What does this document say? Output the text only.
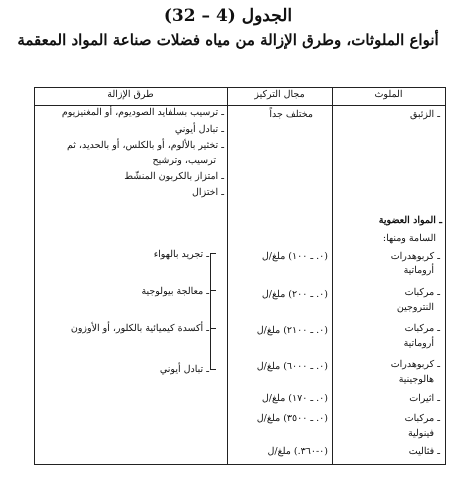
الجدول (4 – 32)
أنواع الملوثات، وطرق الإزالة من مياه فضلات صناعة المواد المعقمة
الملوث
مجال التركيز
طرق الإزالة
ـ الزئبق
مختلف جداً
ـ ترسيب بسلفايد الصوديوم، أو المغنيزيوم
ـ تبادل أيوني
ـ تخثير بالألوم، أو بالكلس، أو بالحديد، ثم
ترسيب، وترشيح
ـ امتزاز بالكربون المنشّط
ـ اختزال
ـ المواد العضوية
السامة ومنها:
ـ كربوهدرات
أروماتية
(٠. ـ ١٠٠) ملغ/ل
ـ مركبات
النتروجين
(٠. ـ ٢٠٠) ملغ/ل
ـ مركبات
أروماتية
(٠. ـ ٢١٠٠) ملغ/ل
ـ كربوهدرات
هالوجينية
(٠. ـ ٦٠٠٠) ملغ/ل
ـ اثيرات
(٠. ـ ١٧٠) ملغ/ل
ـ مركبات
فينولية
(٠. ـ ٣٥٠٠) ملغ/ل
ـ فثاليت
(٠-٣٦٠.) ملغ/ل
ـ تجريد بالهواء
ـ معالجة بيولوجية
ـ أكسدة كيميائية بالكلور، أو الأوزون
ـ تبادل أيوني
